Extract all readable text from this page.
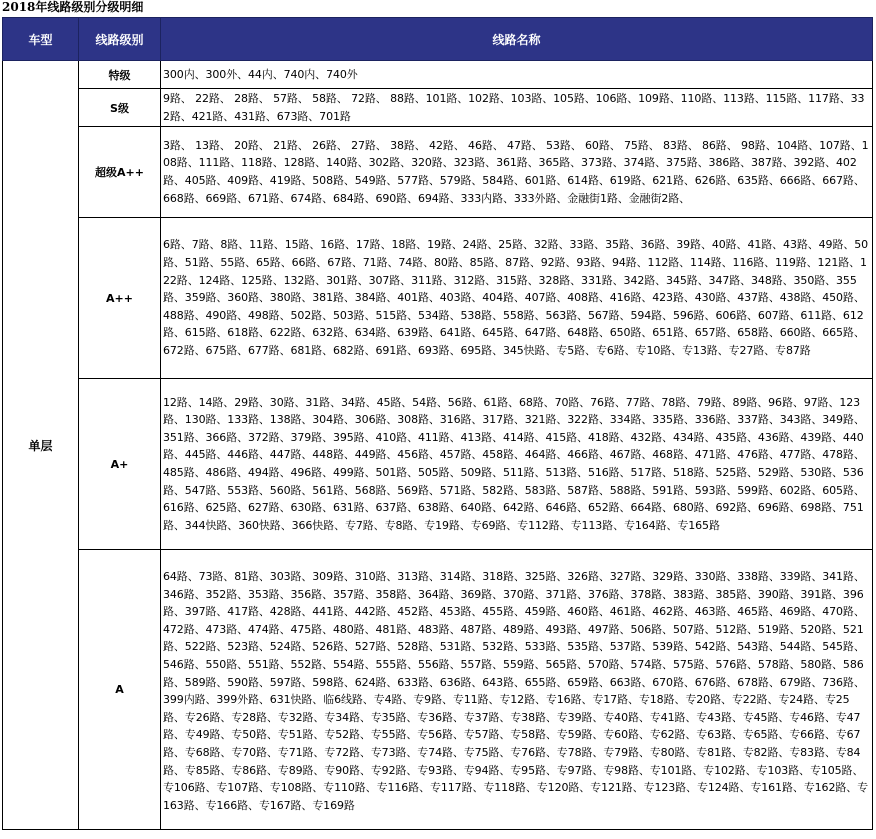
2018年线路级别分级明细
车型	线路级别	线路名称
单层	特级	300内、300外、44内、740内、740外
	S级	9路、 22路、 28路、 57路、 58路、 72路、 88路、101路、102路、103路、105路、106路、109路、110路、113路、115路、117路、332路、421路、431路、673路、701路
	超级A++	3路、 13路、 20路、 21路、 26路、 27路、 38路、 42路、 46路、 47路、 53路、 60路、 75路、 83路、 86路、 98路、104路、107路、108路、111路、118路、128路、140路、302路、320路、323路、361路、365路、373路、374路、375路、386路、387路、392路、402路、405路、409路、419路、508路、549路、577路、579路、584路、601路、614路、619路、621路、626路、635路、666路、667路、668路、669路、671路、674路、684路、690路、694路、333内路、333外路、金融街1路、金融街2路、
	A++	6路、7路、8路、11路、15路、16路、17路、18路、19路、24路、25路、32路、33路、35路、36路、39路、40路、41路、43路、49路、50路、51路、55路、65路、66路、67路、71路、74路、80路、85路、87路、92路、93路、94路、112路、114路、116路、119路、121路、122路、124路、125路、132路、301路、307路、311路、312路、315路、328路、331路、342路、345路、347路、348路、350路、355路、359路、360路、380路、381路、384路、401路、403路、404路、407路、408路、416路、423路、430路、437路、438路、450路、488路、490路、498路、502路、503路、515路、534路、538路、558路、563路、567路、594路、596路、606路、607路、611路、612路、615路、618路、622路、632路、634路、639路、641路、645路、647路、648路、650路、651路、657路、658路、660路、665路、672路、675路、677路、681路、682路、691路、693路、695路、345快路、专5路、专6路、专10路、专13路、专27路、专87路
	A+	12路、14路、29路、30路、31路、34路、45路、54路、56路、61路、68路、70路、76路、77路、78路、79路、89路、96路、97路、123路、130路、133路、138路、304路、306路、308路、316路、317路、321路、322路、334路、335路、336路、337路、343路、349路、351路、366路、372路、379路、395路、410路、411路、413路、414路、415路、418路、432路、434路、435路、436路、439路、440路、445路、446路、447路、448路、449路、456路、457路、458路、464路、466路、467路、468路、471路、476路、477路、478路、485路、486路、494路、496路、499路、501路、505路、509路、511路、513路、516路、517路、518路、525路、529路、530路、536路、547路、553路、560路、561路、568路、569路、571路、582路、583路、587路、588路、591路、593路、599路、602路、605路、616路、625路、627路、630路、631路、637路、638路、640路、642路、646路、652路、664路、680路、692路、696路、698路、751路、344快路、360快路、366快路、专7路、专8路、专19路、专69路、专112路、专113路、专164路、专165路
	A	64路、73路、81路、303路、309路、310路、313路、314路、318路、325路、326路、327路、329路、330路、338路、339路、341路、346路、352路、353路、356路、357路、358路、364路、369路、370路、371路、376路、378路、383路、385路、390路、391路、396路、397路、417路、428路、441路、442路、452路、453路、455路、459路、460路、461路、462路、463路、465路、469路、470路、472路、473路、474路、475路、480路、481路、483路、487路、489路、493路、497路、506路、507路、512路、519路、520路、521路、522路、523路、524路、526路、527路、528路、531路、532路、533路、535路、537路、539路、542路、543路、544路、545路、546路、550路、551路、552路、554路、555路、556路、557路、559路、565路、570路、574路、575路、576路、578路、580路、586路、589路、590路、597路、598路、624路、633路、636路、643路、655路、659路、663路、670路、676路、678路、679路、736路、 399内路、399外路、631快路、临6线路、专4路、专9路、专11路、专12路、专16路、专17路、专18路、专20路、专22路、专24路、专25路、专26路、专28路、专32路、专34路、专35路、专36路、专37路、专38路、专39路、专40路、专41路、专43路、专45路、专46路、专47路、专49路、专50路、专51路、专52路、专55路、专56路、专57路、专58路、专59路、专60路、专62路、专63路、专65路、专66路、专67路、专68路、专70路、专71路、专72路、专73路、专74路、专75路、专76路、专78路、专79路、专80路、专81路、专82路、专83路、专84路、专85路、专86路、专89路、专90路、专92路、专93路、专94路、专95路、专97路、专98路、专101路、专102路、专103路、专105路、专106路、专107路、专108路、专110路、专116路、专117路、专118路、专120路、专121路、专123路、专124路、专161路、专162路、专163路、专166路、专167路、专169路
